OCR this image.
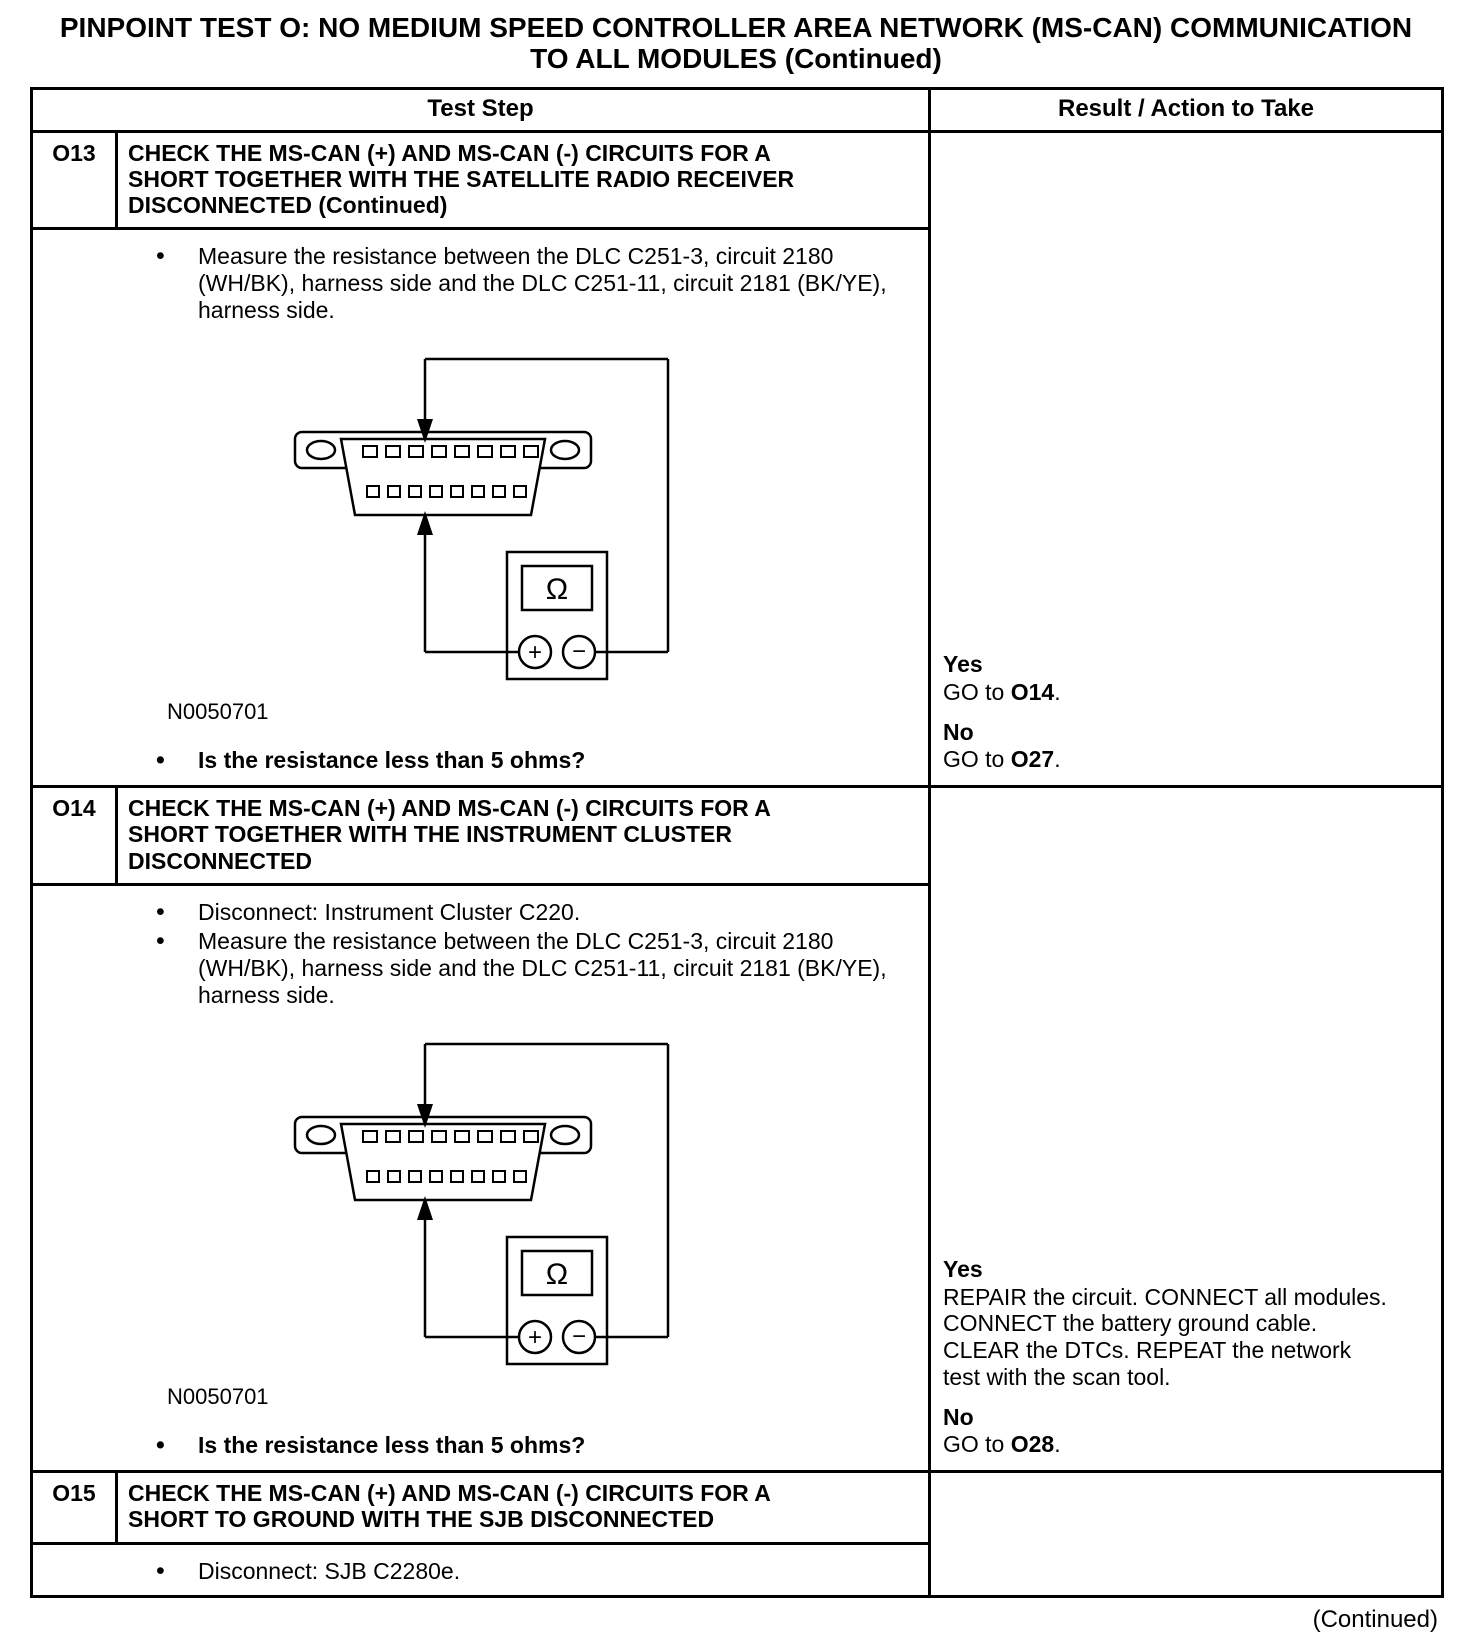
PINPOINT TEST O: NO MEDIUM SPEED CONTROLLER AREA NETWORK (MS-CAN) COMMUNICATION
TO ALL MODULES (Continued)
Test Step	Result / Action to Take
O13	CHECK THE MS-CAN (+) AND MS-CAN (-) CIRCUITS FOR A SHORT TOGETHER WITH THE SATELLITE RADIO RECEIVER DISCONNECTED (Continued)
• Measure the resistance between the DLC C251-3, circuit 2180 (WH/BK), harness side and the DLC C251-11, circuit 2181 (BK/YE), harness side.
Ω
+ −
N0050701
• Is the resistance less than 5 ohms?
Yes
GO to O14.
No
GO to O27.
O14	CHECK THE MS-CAN (+) AND MS-CAN (-) CIRCUITS FOR A SHORT TOGETHER WITH THE INSTRUMENT CLUSTER DISCONNECTED
• Disconnect: Instrument Cluster C220.
• Measure the resistance between the DLC C251-3, circuit 2180 (WH/BK), harness side and the DLC C251-11, circuit 2181 (BK/YE), harness side.
Ω
+ −
N0050701
• Is the resistance less than 5 ohms?
Yes
REPAIR the circuit. CONNECT all modules. CONNECT the battery ground cable. CLEAR the DTCs. REPEAT the network test with the scan tool.
No
GO to O28.
O15	CHECK THE MS-CAN (+) AND MS-CAN (-) CIRCUITS FOR A SHORT TO GROUND WITH THE SJB DISCONNECTED
• Disconnect: SJB C2280e.
(Continued)
